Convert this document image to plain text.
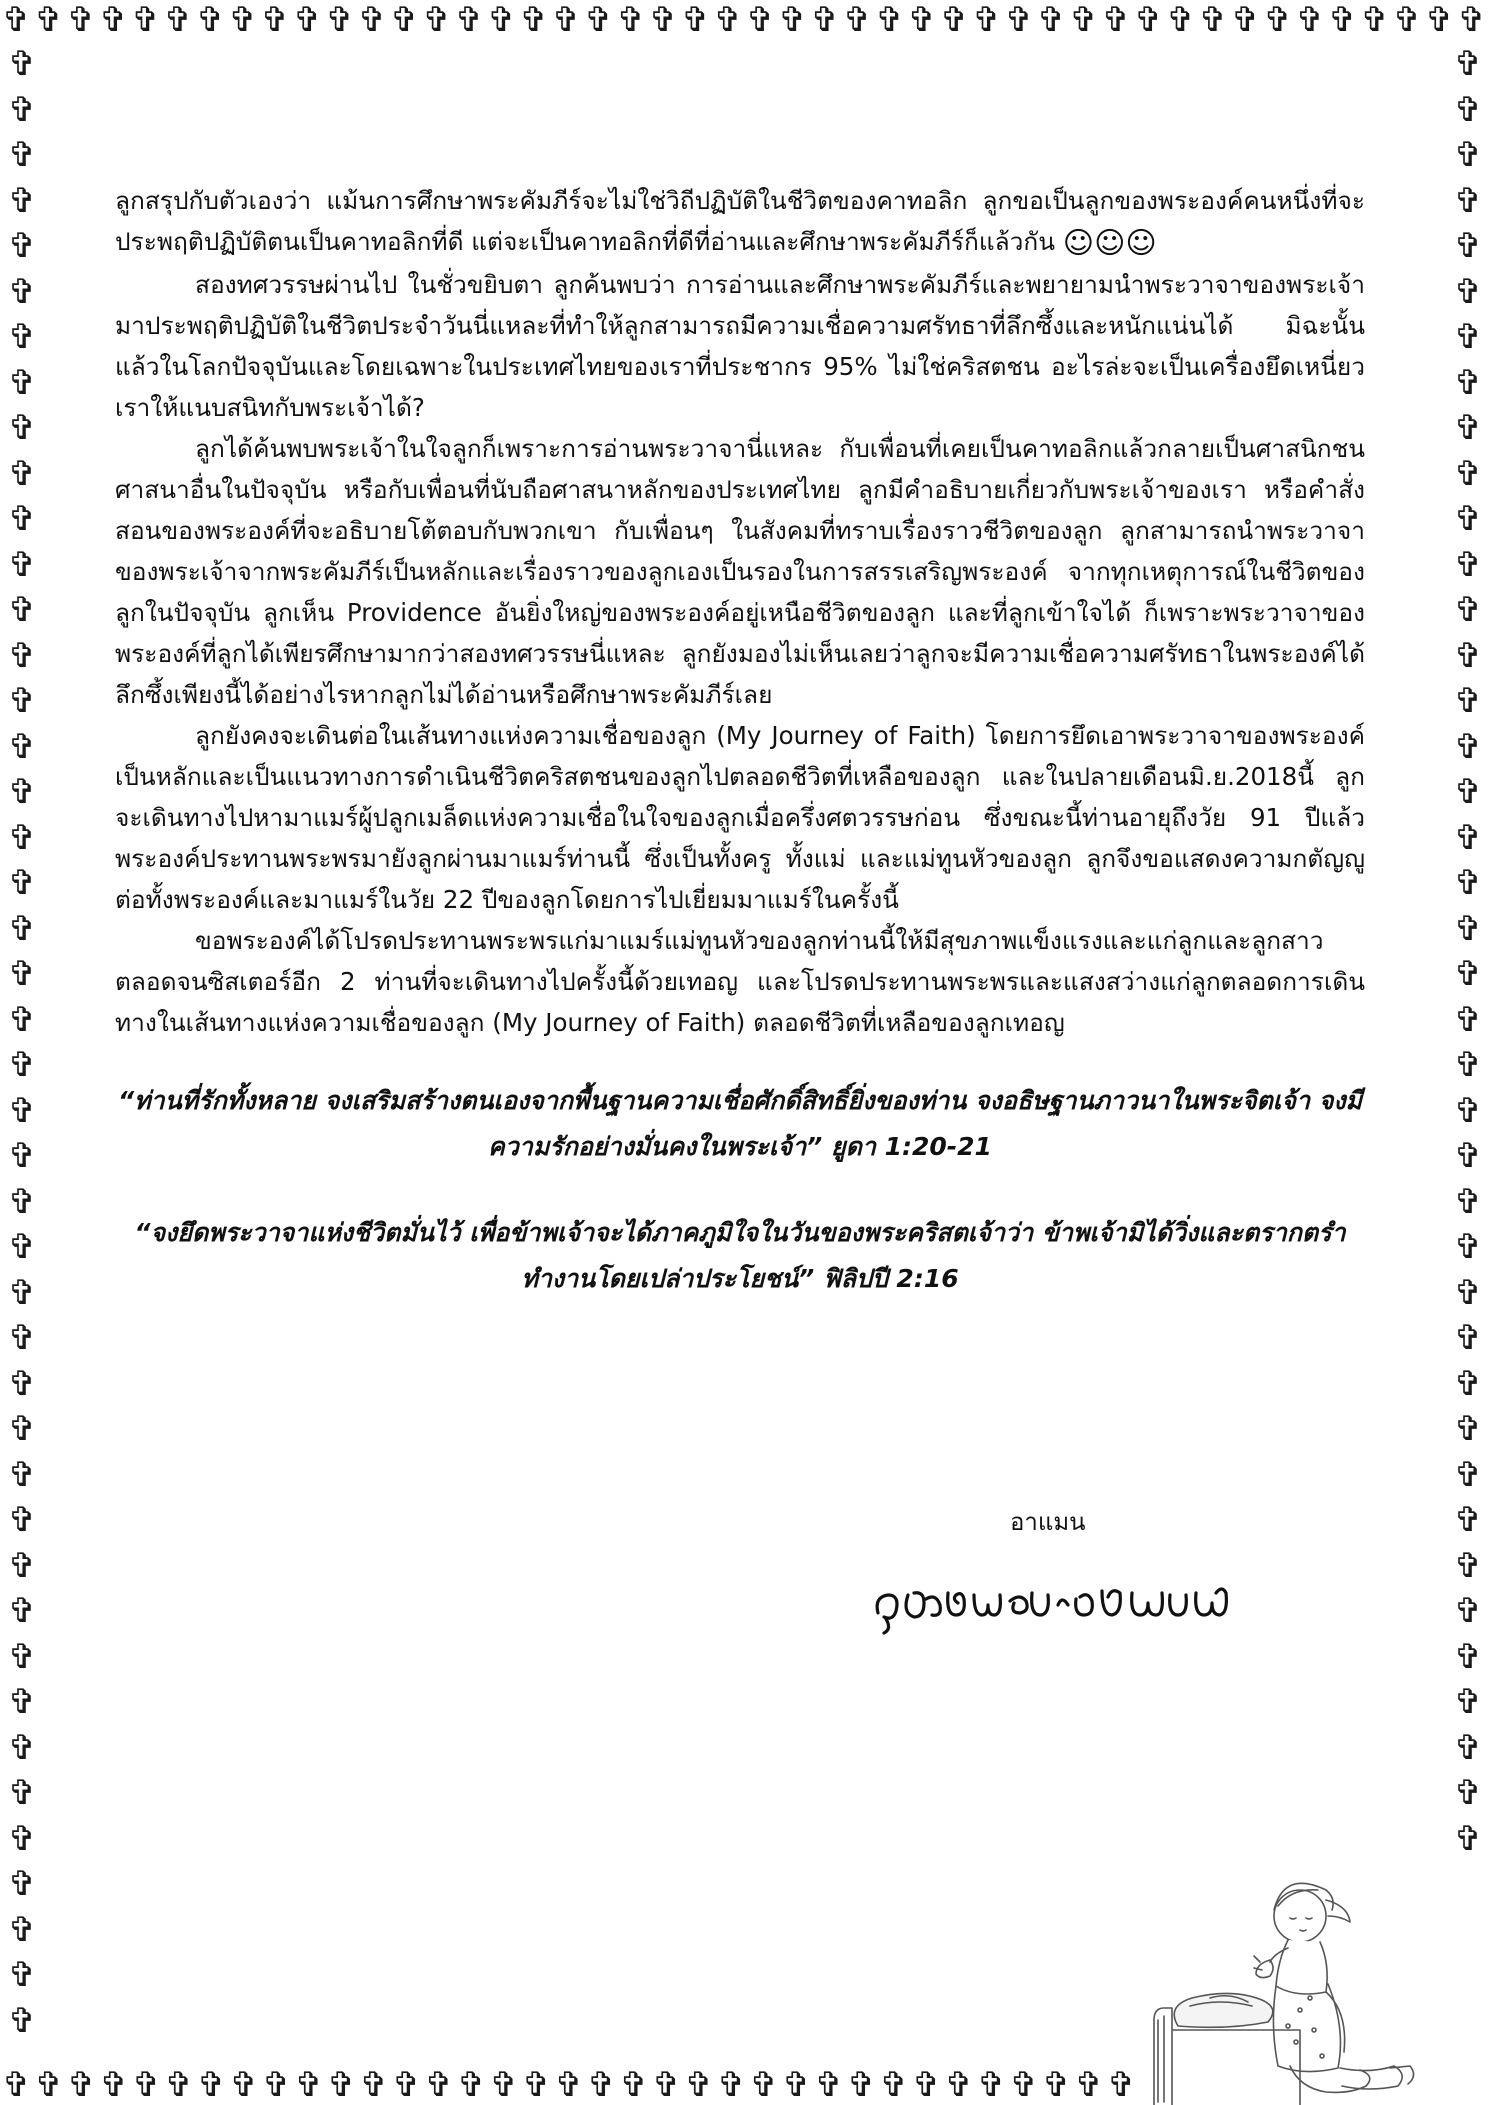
✞ ✞ ✞ ✞ ✞ ✞ ✞ ✞ ✞ ✞ ✞ ✞ ✞ ✞ ✞ ✞ ✞ ✞ ✞ ✞ ✞ ✞ ✞ ✞ ✞ ✞ ✞ ✞ ✞ ✞ ✞ ✞ ✞ ✞ ✞ ✞ ✞ ✞ ✞ ✞ ✞ ✞ ✞ ✞ ✞ ✞
✞ ✞ ✞ ✞ ✞ ✞ ✞ ✞ ✞ ✞ ✞ ✞ ✞ ✞ ✞ ✞ ✞ ✞ ✞ ✞ ✞ ✞ ✞ ✞ ✞ ✞ ✞ ✞ ✞ ✞ ✞ ✞ ✞ ✞ ✞
✞
✞
✞
✞
✞
✞
✞
✞
✞
✞
✞
✞
✞
✞
✞
✞
✞
✞
✞
✞
✞
✞
✞
✞
✞
✞
✞
✞
✞
✞
✞
✞
✞
✞
✞
✞
✞
✞
✞
✞
✞
✞
✞
✞
✞
✞
✞
✞
✞
✞
✞
✞
✞
✞
✞
✞
✞
✞
✞
✞
✞
✞
✞
✞
✞
✞
✞
✞
✞
✞
✞
✞
✞
✞
✞
✞
✞
✞
✞
✞
✞
✞
✞
✞

ลูกสรุปกับตัวเองว่า แม้นการศึกษาพระคัมภีร์จะไม่ใช่วิถีปฏิบัติในชีวิตของคาทอลิก ลูกขอเป็นลูกของพระองค์คนหนึ่งที่จะประพฤติปฏิบัติตนเป็นคาทอลิกที่ดี แต่จะเป็นคาทอลิกที่ดีที่อ่านและศึกษาพระคัมภีร์ก็แล้วกัน ☺☺☺

สองทศวรรษผ่านไป ในชั่วขยิบตา ลูกค้นพบว่า การอ่านและศึกษาพระคัมภีร์และพยายามนำพระวาจาของพระเจ้ามาประพฤติปฏิบัติในชีวิตประจำวันนี่แหละที่ทำให้ลูกสามารถมีความเชื่อความศรัทธาที่ลึกซึ้งและหนักแน่นได้ มิฉะนั้นแล้วในโลกปัจจุบันและโดยเฉพาะในประเทศไทยของเราที่ประชากร 95% ไม่ใช่คริสตชน อะไรล่ะจะเป็นเครื่องยึดเหนี่ยวเราให้แนบสนิทกับพระเจ้าได้?

ลูกได้ค้นพบพระเจ้าในใจลูกก็เพราะการอ่านพระวาจานี่แหละ กับเพื่อนที่เคยเป็นคาทอลิกแล้วกลายเป็นศาสนิกชนศาสนาอื่นในปัจจุบัน หรือกับเพื่อนที่นับถือศาสนาหลักของประเทศไทย ลูกมีคำอธิบายเกี่ยวกับพระเจ้าของเรา หรือคำสั่งสอนของพระองค์ที่จะอธิบายโต้ตอบกับพวกเขา กับเพื่อนๆ ในสังคมที่ทราบเรื่องราวชีวิตของลูก ลูกสามารถนำพระวาจาของพระเจ้าจากพระคัมภีร์เป็นหลักและเรื่องราวของลูกเองเป็นรองในการสรรเสริญพระองค์ จากทุกเหตุการณ์ในชีวิตของลูกในปัจจุบัน ลูกเห็น Providence อันยิ่งใหญ่ของพระองค์อยู่เหนือชีวิตของลูก และที่ลูกเข้าใจได้ ก็เพราะพระวาจาของพระองค์ที่ลูกได้เพียรศึกษามากว่าสองทศวรรษนี่แหละ ลูกยังมองไม่เห็นเลยว่าลูกจะมีความเชื่อความศรัทธาในพระองค์ได้ลึกซึ้งเพียงนี้ได้อย่างไรหากลูกไม่ได้อ่านหรือศึกษาพระคัมภีร์เลย

ลูกยังคงจะเดินต่อในเส้นทางแห่งความเชื่อของลูก (My Journey of Faith) โดยการยึดเอาพระวาจาของพระองค์เป็นหลักและเป็นแนวทางการดำเนินชีวิตคริสตชนของลูกไปตลอดชีวิตที่เหลือของลูก และในปลายเดือนมิ.ย.2018นี้ ลูกจะเดินทางไปหามาแมร์ผู้ปลูกเมล็ดแห่งความเชื่อในใจของลูกเมื่อครึ่งศตวรรษก่อน ซึ่งขณะนี้ท่านอายุถึงวัย 91 ปีแล้ว พระองค์ประทานพระพรมายังลูกผ่านมาแมร์ท่านนี้ ซึ่งเป็นทั้งครู ทั้งแม่ และแม่ทูนหัวของลูก ลูกจึงขอแสดงความกตัญญูต่อทั้งพระองค์และมาแมร์ในวัย 22 ปีของลูกโดยการไปเยี่ยมมาแมร์ในครั้งนี้

ขอพระองค์ได้โปรดประทานพระพรแก่มาแมร์แม่ทูนหัวของลูกท่านนี้ให้มีสุขภาพแข็งแรงและแก่ลูกและลูกสาวตลอดจนซิสเตอร์อีก 2 ท่านที่จะเดินทางไปครั้งนี้ด้วยเทอญ และโปรดประทานพระพรและแสงสว่างแก่ลูกตลอดการเดินทางในเส้นทางแห่งความเชื่อของลูก (My Journey of Faith) ตลอดชีวิตที่เหลือของลูกเทอญ

“ท่านที่รักทั้งหลาย จงเสริมสร้างตนเองจากพื้นฐานความเชื่อศักดิ์สิทธิ์ยิ่งของท่าน จงอธิษฐานภาวนาในพระจิตเจ้า จงมีความรักอย่างมั่นคงในพระเจ้า” ยูดา 1:20-21

“จงยึดพระวาจาแห่งชีวิตมั่นไว้ เพื่อข้าพเจ้าจะได้ภาคภูมิใจในวันของพระคริสตเจ้าว่า ข้าพเจ้ามิได้วิ่งและตรากตรำทำงานโดยเปล่าประโยชน์” ฟิลิปปี 2:16

อาแมน
